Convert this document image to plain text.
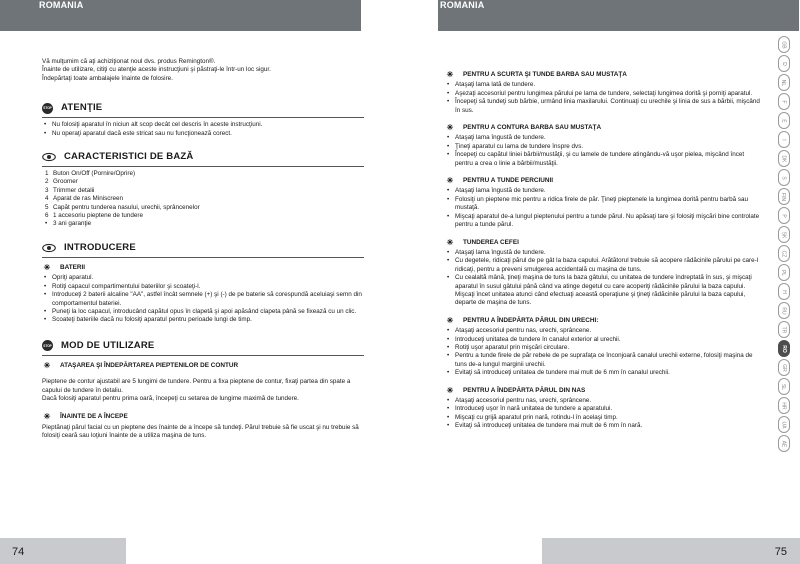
ROMANIA	ROMANIA

Vă mulţumim că aţi achiziţionat noul dvs. produs Remington®.

Înainte de utilizare, citiţi cu atenţie aceste instrucţiuni şi păstraţi-le într-un loc sigur.

Îndepărtaţi toate ambalajele înainte de folosire.

STOP ATENŢIE
• Nu folosiţi aparatul în niciun alt scop decât cel descris în aceste instrucţiuni.
• Nu operaţi aparatul dacă este stricat sau nu funcţionează corect.
CARACTERISTICI DE BAZĂ
1 Buton On/Off (Pornire/Oprire)
2 Groomer
3 Trimmer detalii
4 Aparat de ras Miniscreen
5 Capăt pentru tunderea nasului, urechii, sprâncenelor
6 1 accesoriu pieptene de tundere
• 3 ani garanţie
INTRODUCERE
✳ BATERII
• Opriţi aparatul.
• Rotiţi capacul compartimentului bateriilor şi scoateţi-l.
• Introduceţi 2 baterii alcaline "AA", astfel încât semnele (+) şi (-) de pe baterie să corespundă aceluiaşi semn din comportamentul bateriei.
• Puneţi la loc capacul, introducând capătul opus în clapetă şi apoi apăsând clapeta până se fixează cu un clic.
• Scoateţi bateriile dacă nu folosiţi aparatul pentru perioade lungi de timp.
STOP MOD DE UTILIZARE
✳ ATAŞAREA ŞI ÎNDEPĂRTAREA PIEPTENILOR DE CONTUR

Pieptene de contur ajustabil are 5 lungimi de tundere. Pentru a fixa pieptene de contur, fixaţi partea din spate a capului de tundere în detaliu.

Dacă folosiţi aparatul pentru prima oară, începeţi cu setarea de lungime maximă de tundere.

✳ ÎNAINTE DE A ÎNCEPE

Pieptănaţi părul facial cu un pieptene des înainte de a începe să tundeţi. Părul trebuie să fie uscat şi nu trebuie să folosiţi ceară sau loţiuni înainte de a utiliza maşina de tuns.

✳ PENTRU A SCURTA ŞI TUNDE BARBA SAU MUSTAŢA
• Ataşaţi lama lată de tundere.
• Aşezaţi accesoriul pentru lungimea părului pe lama de tundere, selectaţi lungimea dorită şi porniţi aparatul.
• Începeţi să tundeţi sub bărbie, urmând linia maxilarului. Continuaţi cu urechile şi linia de sus a bărbii, mişcând în sus.
✳ PENTRU A CONTURA BARBA SAU MUSTAŢA
• Ataşaţi lama îngustă de tundere.
• Ţineţi aparatul cu lama de tundere înspre dvs.
• Începeţi cu capătul liniei bărbii/mustăţii, şi cu lamele de tundere atingându-vă uşor pielea, mişcând încet pentru a crea o linie a bărbii/mustăţii.
✳ PENTRU A TUNDE PERCIUNII
• Ataşaţi lama îngustă de tundere.
• Folosiţi un pieptene mic pentru a ridica firele de păr. Ţineţi pieptenele la lungimea dorită pentru barbă sau mustaţă.
• Mişcaţi aparatul de-a lungul pieptenului pentru a tunde părul. Nu apăsaţi tare şi folosiţi mişcări bine controlate pentru a tunde părul.
✳ TUNDEREA CEFEI
• Ataşaţi lama îngustă de tundere.
• Cu degetele, ridicaţi părul de pe gât la baza capului. Arătătorul trebuie să acopere rădăcinile părului pe care-l ridicaţi, pentru a preveni smulgerea accidentală cu maşina de tuns.
• Cu cealaltă mână, ţineţi maşina de tuns la baza gâtului, cu unitatea de tundere îndreptată în sus, şi mişcaţi aparatul în susul gâtului până când va atinge degetul cu care acoperiţi rădăcinile părului la baza capului. Mişcaţi încet unitatea atunci când efectuaţi această operaţiune şi ţineţi rădăcinile părului la baza capului, departe de maşina de tuns.
✳ PENTRU A ÎNDEPĂRTA PĂRUL DIN URECHI:
• Ataşaţi accesoriul pentru nas, urechi, sprâncene.
• Introduceţi unitatea de tundere în canalul exterior al urechii.
• Rotiţi uşor aparatul prin mişcări circulare.
• Pentru a tunde firele de păr rebele de pe suprafaţa ce înconjoară canalul urechii externe, folosiţi maşina de tuns de-a lungul marginii urechii.
• Evitaţi să introduceţi unitatea de tundere mai mult de 6 mm în canalul urechii.
✳ PENTRU A ÎNDEPĂRTA PĂRUL DIN NAS
• Ataşaţi accesoriul pentru nas, urechi, sprâncene.
• Introduceţi uşor în nară unitatea de tundere a aparatului.
• Mişcaţi cu grijă aparatul prin nară, rotindu-l în acelaşi timp.
• Evitaţi să introduceţi unitatea de tundere mai mult de 6 mm în nară.
GB
D
NL
F
E
I
DK
S
FIN
P
SK
CZ
PL
H
RU
TR
RO
GR
SL
HR
UA
AE
74	75
